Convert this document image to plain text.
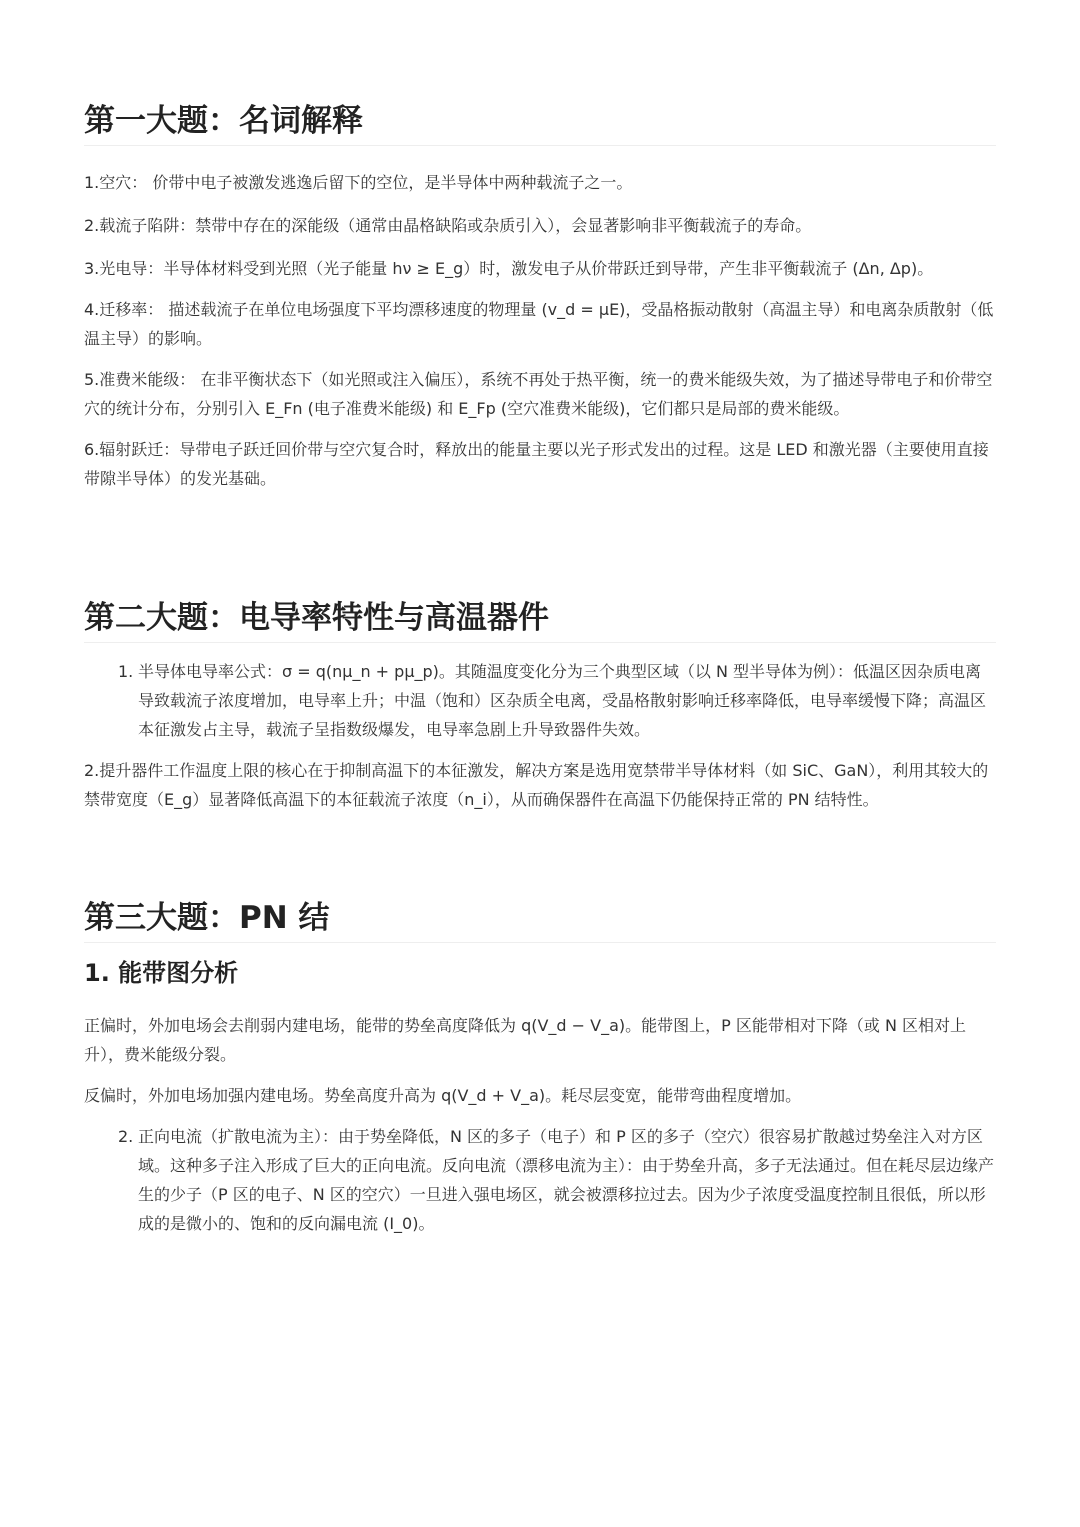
第一大题：名词解释

1.空穴： 价带中电子被激发逃逸后留下的空位，是半导体中两种载流子之一。

2.载流子陷阱：禁带中存在的深能级（通常由晶格缺陷或杂质引入），会显著影响非平衡载流子的寿命。

3.光电导：半导体材料受到光照（光子能量 hν ≥ E_g）时，激发电子从价带跃迁到导带，产生非平衡载流子 (Δn, Δp)。

4.迁移率： 描述载流子在单位电场强度下平均漂移速度的物理量 (v_d = μE)，受晶格振动散射（高温主导）和电离杂质散射（低温主导）的影响。

5.准费米能级： 在非平衡状态下（如光照或注入偏压），系统不再处于热平衡，统一的费米能级失效，为了描述导带电子和价带空穴的统计分布，分别引入 E_Fn (电子准费米能级) 和 E_Fp (空穴准费米能级)，它们都只是局部的费米能级。

6.辐射跃迁：导带电子跃迁回价带与空穴复合时，释放出的能量主要以光子形式发出的过程。这是 LED 和激光器（主要使用直接带隙半导体）的发光基础。

第二大题：电导率特性与高温器件
1. 半导体电导率公式：σ = q(nμ_n + pμ_p)。其随温度变化分为三个典型区域（以 N 型半导体为例）：低温区因杂质电离导致载流子浓度增加，电导率上升；中温（饱和）区杂质全电离，受晶格散射影响迁移率降低，电导率缓慢下降；高温区本征激发占主导，载流子呈指数级爆发，电导率急剧上升导致器件失效。

2.提升器件工作温度上限的核心在于抑制高温下的本征激发，解决方案是选用宽禁带半导体材料（如 SiC、GaN），利用其较大的禁带宽度（E_g）显著降低高温下的本征载流子浓度（n_i），从而确保器件在高温下仍能保持正常的 PN 结特性。

第三大题：PN 结
1. 能带图分析

正偏时，外加电场会去削弱内建电场，能带的势垒高度降低为 q(V_d − V_a)。能带图上，P 区能带相对下降（或 N 区相对上升），费米能级分裂。

反偏时，外加电场加强内建电场。势垒高度升高为 q(V_d + V_a)。耗尽层变宽，能带弯曲程度增加。

2. 正向电流（扩散电流为主）：由于势垒降低，N 区的多子（电子）和 P 区的多子（空穴）很容易扩散越过势垒注入对方区域。这种多子注入形成了巨大的正向电流。反向电流（漂移电流为主）：由于势垒升高，多子无法通过。但在耗尽层边缘产生的少子（P 区的电子、N 区的空穴）一旦进入强电场区，就会被漂移拉过去。因为少子浓度受温度控制且很低，所以形成的是微小的、饱和的反向漏电流 (I_0)。
